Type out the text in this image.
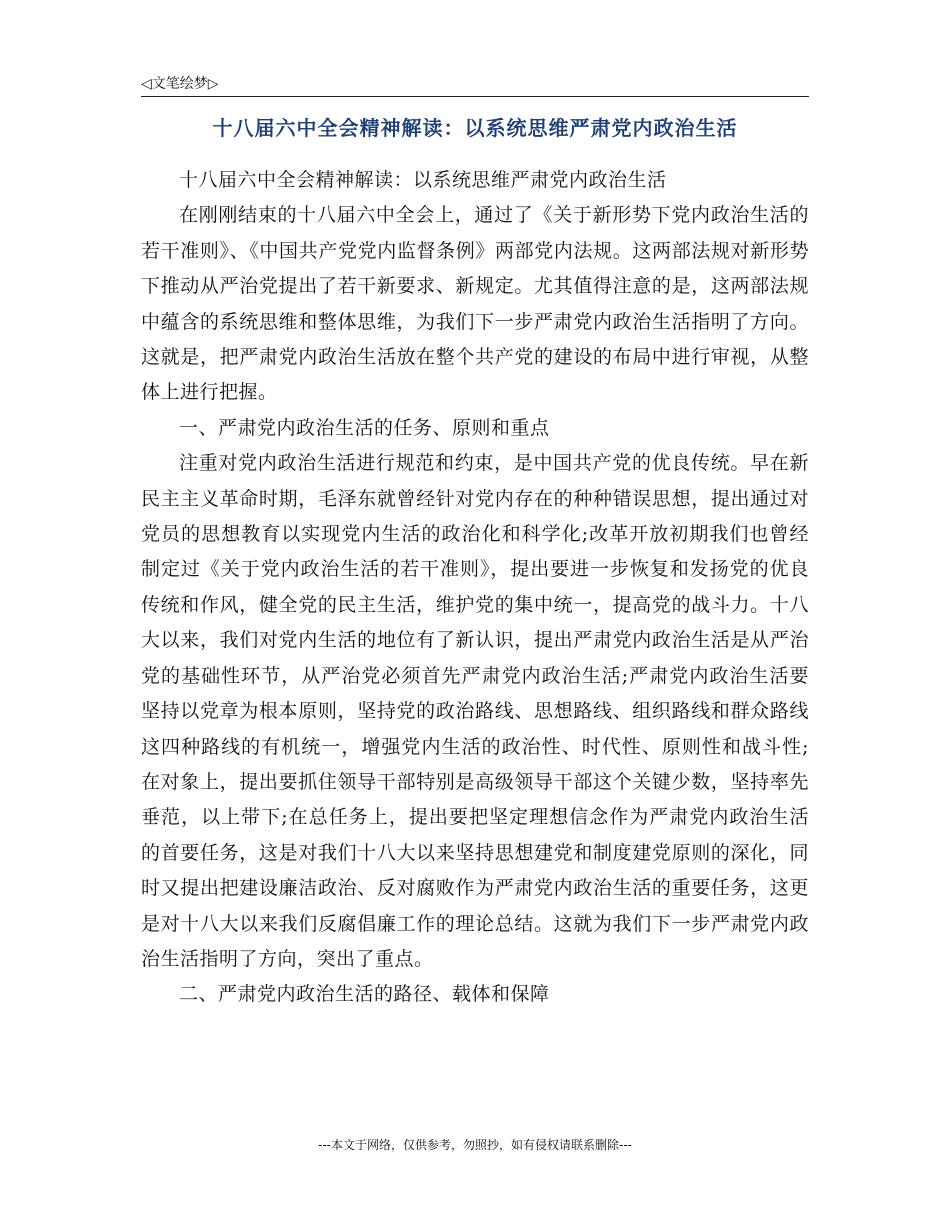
◁文笔绘梦▷
十八届六中全会精神解读：以系统思维严肃党内政治生活

十八届六中全会精神解读：以系统思维严肃党内政治生活

在刚刚结束的十八届六中全会上，通过了《关于新形势下党内政治生活的若干准则》、《中国共产党党内监督条例》两部党内法规。这两部法规对新形势下推动从严治党提出了若干新要求、新规定。尤其值得注意的是，这两部法规中蕴含的系统思维和整体思维，为我们下一步严肃党内政治生活指明了方向。这就是，把严肃党内政治生活放在整个共产党的建设的布局中进行审视，从整体上进行把握。

一、严肃党内政治生活的任务、原则和重点

注重对党内政治生活进行规范和约束，是中国共产党的优良传统。早在新民主主义革命时期，毛泽东就曾经针对党内存在的种种错误思想，提出通过对党员的思想教育以实现党内生活的政治化和科学化;改革开放初期我们也曾经制定过《关于党内政治生活的若干准则》，提出要进一步恢复和发扬党的优良传统和作风，健全党的民主生活，维护党的集中统一，提高党的战斗力。十八大以来，我们对党内生活的地位有了新认识，提出严肃党内政治生活是从严治党的基础性环节，从严治党必须首先严肃党内政治生活;严肃党内政治生活要坚持以党章为根本原则，坚持党的政治路线、思想路线、组织路线和群众路线这四种路线的有机统一，增强党内生活的政治性、时代性、原则性和战斗性;在对象上，提出要抓住领导干部特别是高级领导干部这个关键少数，坚持率先垂范，以上带下;在总任务上，提出要把坚定理想信念作为严肃党内政治生活的首要任务，这是对我们十八大以来坚持思想建党和制度建党原则的深化，同时又提出把建设廉洁政治、反对腐败作为严肃党内政治生活的重要任务，这更是对十八大以来我们反腐倡廉工作的理论总结。这就为我们下一步严肃党内政治生活指明了方向，突出了重点。

二、严肃党内政治生活的路径、载体和保障

---本文于网络，仅供参考，勿照抄，如有侵权请联系删除---
